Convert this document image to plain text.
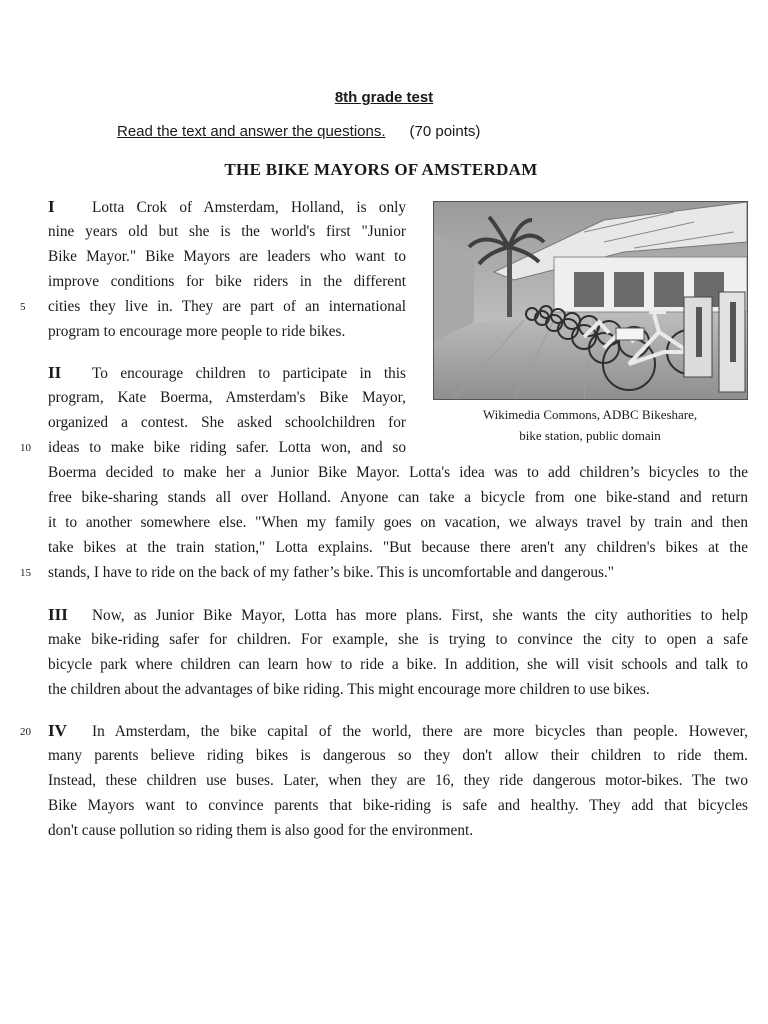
8th grade test
Read the text and answer the questions. (70 points)
THE BIKE MAYORS OF AMSTERDAM
I Lotta Crok of Amsterdam, Holland, is only
nine years old but she is the world's first "Junior
Bike Mayor." Bike Mayors are leaders who want to
improve conditions for bike riders in the different
5 cities they live in. They are part of an international
program to encourage more people to ride bikes.
II To encourage children to participate in this
program, Kate Boerma, Amsterdam's Bike Mayor,
organized a contest. She asked schoolchildren for
10 ideas to make bike riding safer. Lotta won, and so
Boerma decided to make her a Junior Bike Mayor. Lotta's idea was to add children’s bicycles to the
free bike-sharing stands all over Holland. Anyone can take a bicycle from one bike-stand and return
it to another somewhere else. "When my family goes on vacation, we always travel by train and then
take bikes at the train station," Lotta explains. "But because there aren't any children's bikes at the
15 stands, I have to ride on the back of my father’s bike. This is uncomfortable and dangerous."
III Now, as Junior Bike Mayor, Lotta has more plans. First, she wants the city authorities to help
make bike-riding safer for children. For example, she is trying to convince the city to open a safe
bicycle park where children can learn how to ride a bike. In addition, she will visit schools and talk to
the children about the advantages of bike riding. This might encourage more children to use bikes.
20 IV In Amsterdam, the bike capital of the world, there are more bicycles than people. However,
many parents believe riding bikes is dangerous so they don't allow their children to ride them.
Instead, these children use buses. Later, when they are 16, they ride dangerous motor-bikes. The two
Bike Mayors want to convince parents that bike-riding is safe and healthy. They add that bicycles
don't cause pollution so riding them is also good for the environment.
Wikimedia Commons, ADBC Bikeshare,
bike station, public domain
